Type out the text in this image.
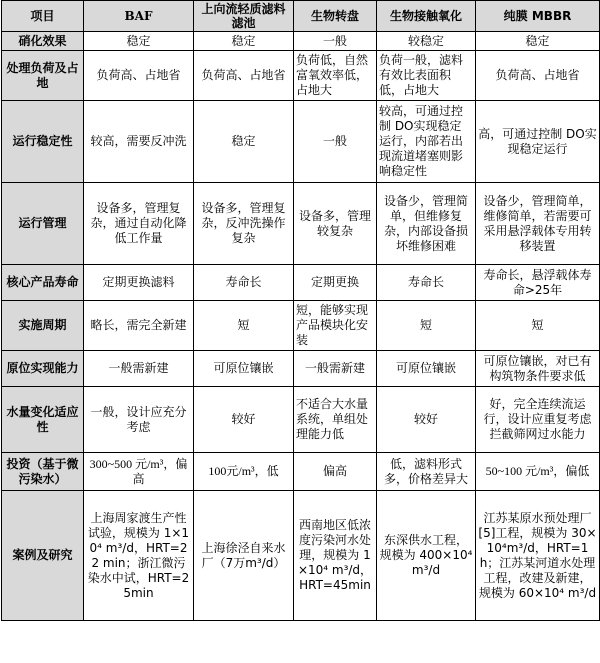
项目	BAF	上向流轻质滤料滤池	生物转盘	生物接触氧化	纯膜 MBBR
硝化效果	稳定	稳定	一般	较稳定	稳定
处理负荷及占地	负荷高、占地省	负荷高、占地省	负荷低，自然富氧效率低，占地大	负荷一般，滤料有效比表面积低，占地大	负荷高、占地省
运行稳定性	较高，需要反冲洗	稳定	一般	较高，可通过控制 DO实现稳定运行，内部若出现流道堵塞则影响稳定性	高，可通过控制 DO实现稳定运行
运行管理	设备多，管理复杂，通过自动化降低工作量	设备多，管理复杂，反冲洗操作复杂	设备多，管理较复杂	设备少，管理简单，但维修复杂，内部设备损坏维修困难	设备少，管理简单，维修简单，若需要可采用悬浮载体专用转移装置
核心产品寿命	定期更换滤料	寿命长	定期更换	寿命长	寿命长，悬浮载体寿命>25年
实施周期	略长，需完全新建	短	短，能够实现产品模块化安装	短	短
原位实现能力	一般需新建	可原位镶嵌	一般需新建	可原位镶嵌	可原位镶嵌，对已有构筑物条件要求低
水量变化适应性	一般，设计应充分考虑	较好	不适合大水量系统，单组处理能力低	较好	好，完全连续流运行，设计应重复考虑拦截筛网过水能力
投资（基于微污染水）	300~500 元/m³，偏高	100元/m³，低	偏高	低，滤料形式多，价格差异大	50~100 元/m³，偏低
案例及研究	上海周家渡生产性试验，规模为 1×10⁴ m³/d，HRT=22 min；浙江微污染水中试，HRT=25min	上海徐泾自来水厂（7万m³/d）	西南地区低浓度污染河水处理，规模为 1×10⁴ m³/d，HRT=45min	东深供水工程，规模为 400×10⁴ m³/d	江苏某原水预处理厂[5]工程，规模为 30×10⁴m³/d，HRT=1 h；江苏某河道水处理工程，改建及新建，规模为 60×10⁴ m³/d
